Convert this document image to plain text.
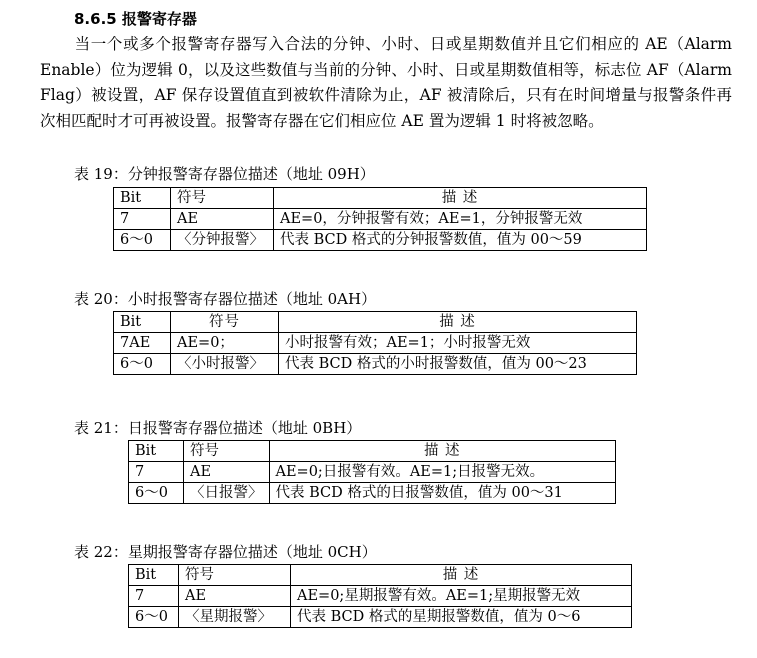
8.6.5 报警寄存器
当一个或多个报警寄存器写入合法的分钟、小时、日或星期数值并且它们相应的 AE（Alarm Enable）位为逻辑 0，以及这些数值与当前的分钟、小时、日或星期数值相等，标志位 AF（Alarm Flag）被设置，AF 保存设置值直到被软件清除为止，AF 被清除后，只有在时间增量与报警条件再次相匹配时才可再被设置。报警寄存器在它们相应位 AE 置为逻辑 1 时将被忽略。
表 19：分钟报警寄存器位描述（地址 09H）
Bit	符号	描 述
7	AE	AE=0，分钟报警有效；AE=1，分钟报警无效
6～0	〈分钟报警〉	代表 BCD 格式的分钟报警数值，值为 00～59
表 20：小时报警寄存器位描述（地址 0AH）
Bit	符号	描 述
7AE	AE=0；	小时报警有效；AE=1；小时报警无效
6～0	〈小时报警〉	代表 BCD 格式的小时报警数值，值为 00～23
表 21：日报警寄存器位描述（地址 0BH）
Bit	符号	描 述
7	AE	AE=0;日报警有效。AE=1;日报警无效。
6～0	〈日报警〉	代表 BCD 格式的日报警数值，值为 00～31
表 22：星期报警寄存器位描述（地址 0CH）
Bit	符号	描 述
7	AE	AE=0;星期报警有效。AE=1;星期报警无效
6～0	〈星期报警〉	代表 BCD 格式的星期报警数值，值为 0～6
